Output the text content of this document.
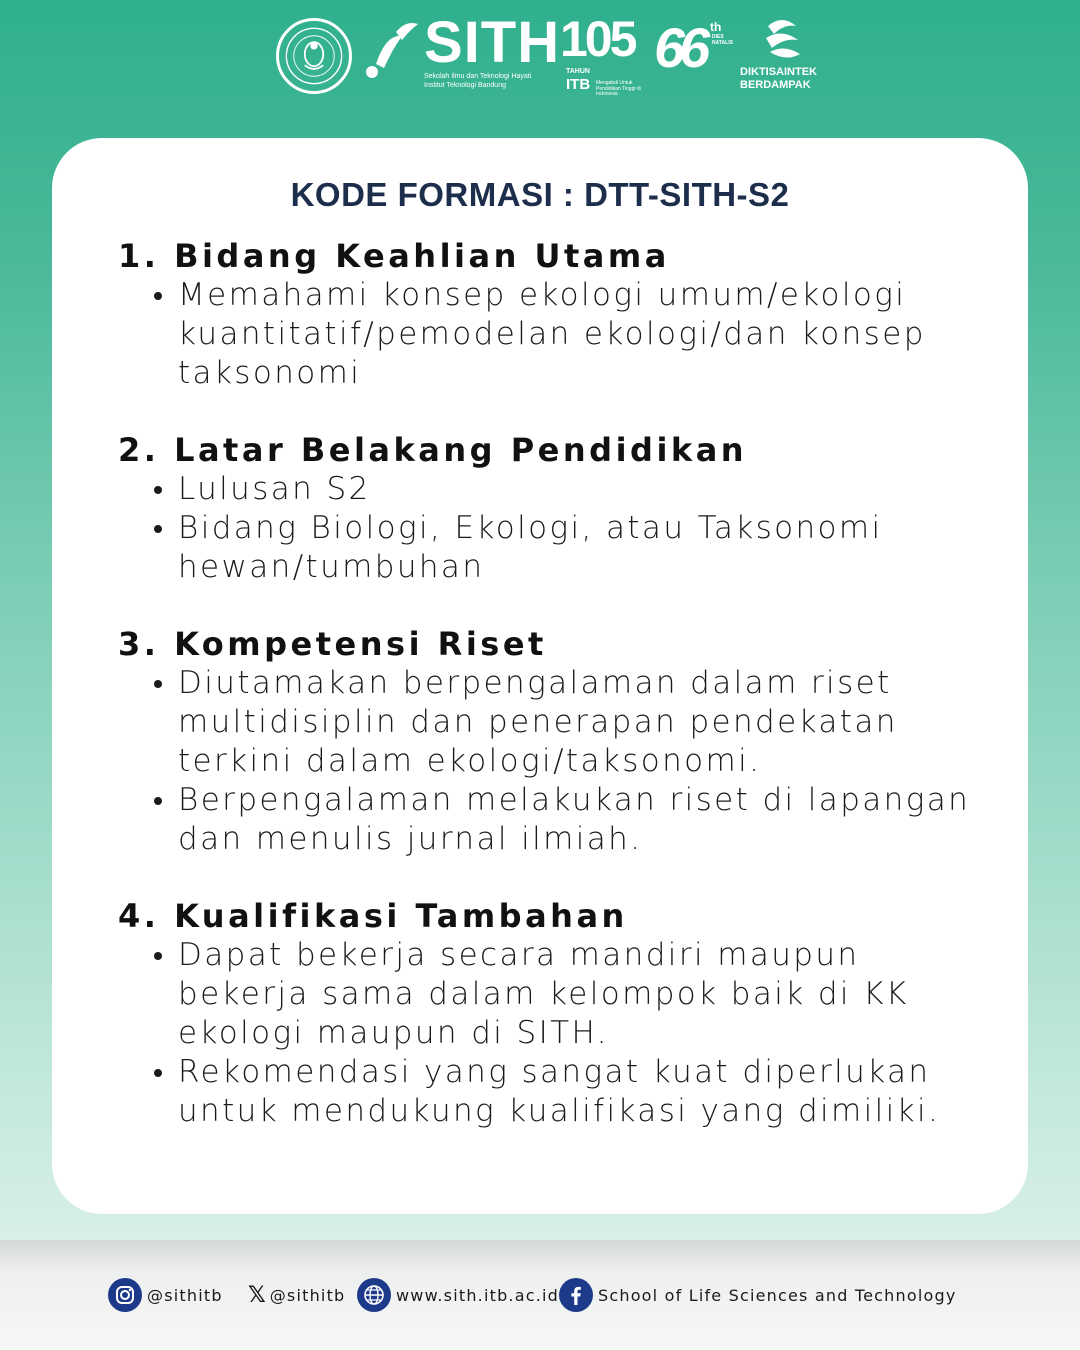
SITH
Sekolah Ilmu dan Teknologi Hayati
Institut Teknologi Bandung
105
TAHUN
ITB Mengabdi Untuk Pendidikan Tinggi di Indonesia
66 th
DIES NATALIS
DIKTISAINTEK
BERDAMPAK
KODE FORMASI : DTT-SITH-S2
1. Bidang Keahlian Utama
Memahami konsep ekologi umum/ekologi kuantitatif/pemodelan ekologi/dan konsep taksonomi
2. Latar Belakang Pendidikan
Lulusan S2
Bidang Biologi, Ekologi, atau Taksonomi hewan/tumbuhan
3. Kompetensi Riset
Diutamakan berpengalaman dalam riset multidisiplin dan penerapan pendekatan terkini dalam ekologi/taksonomi.
Berpengalaman melakukan riset di lapangan dan menulis jurnal ilmiah.
4. Kualifikasi Tambahan
Dapat bekerja secara mandiri maupun bekerja sama dalam kelompok baik di KK ekologi maupun di SITH.
Rekomendasi yang sangat kuat diperlukan untuk mendukung kualifikasi yang dimiliki.
@sithitb 𝕏 @sithitb	www.sith.itb.ac.id School of Life Sciences and Technology
